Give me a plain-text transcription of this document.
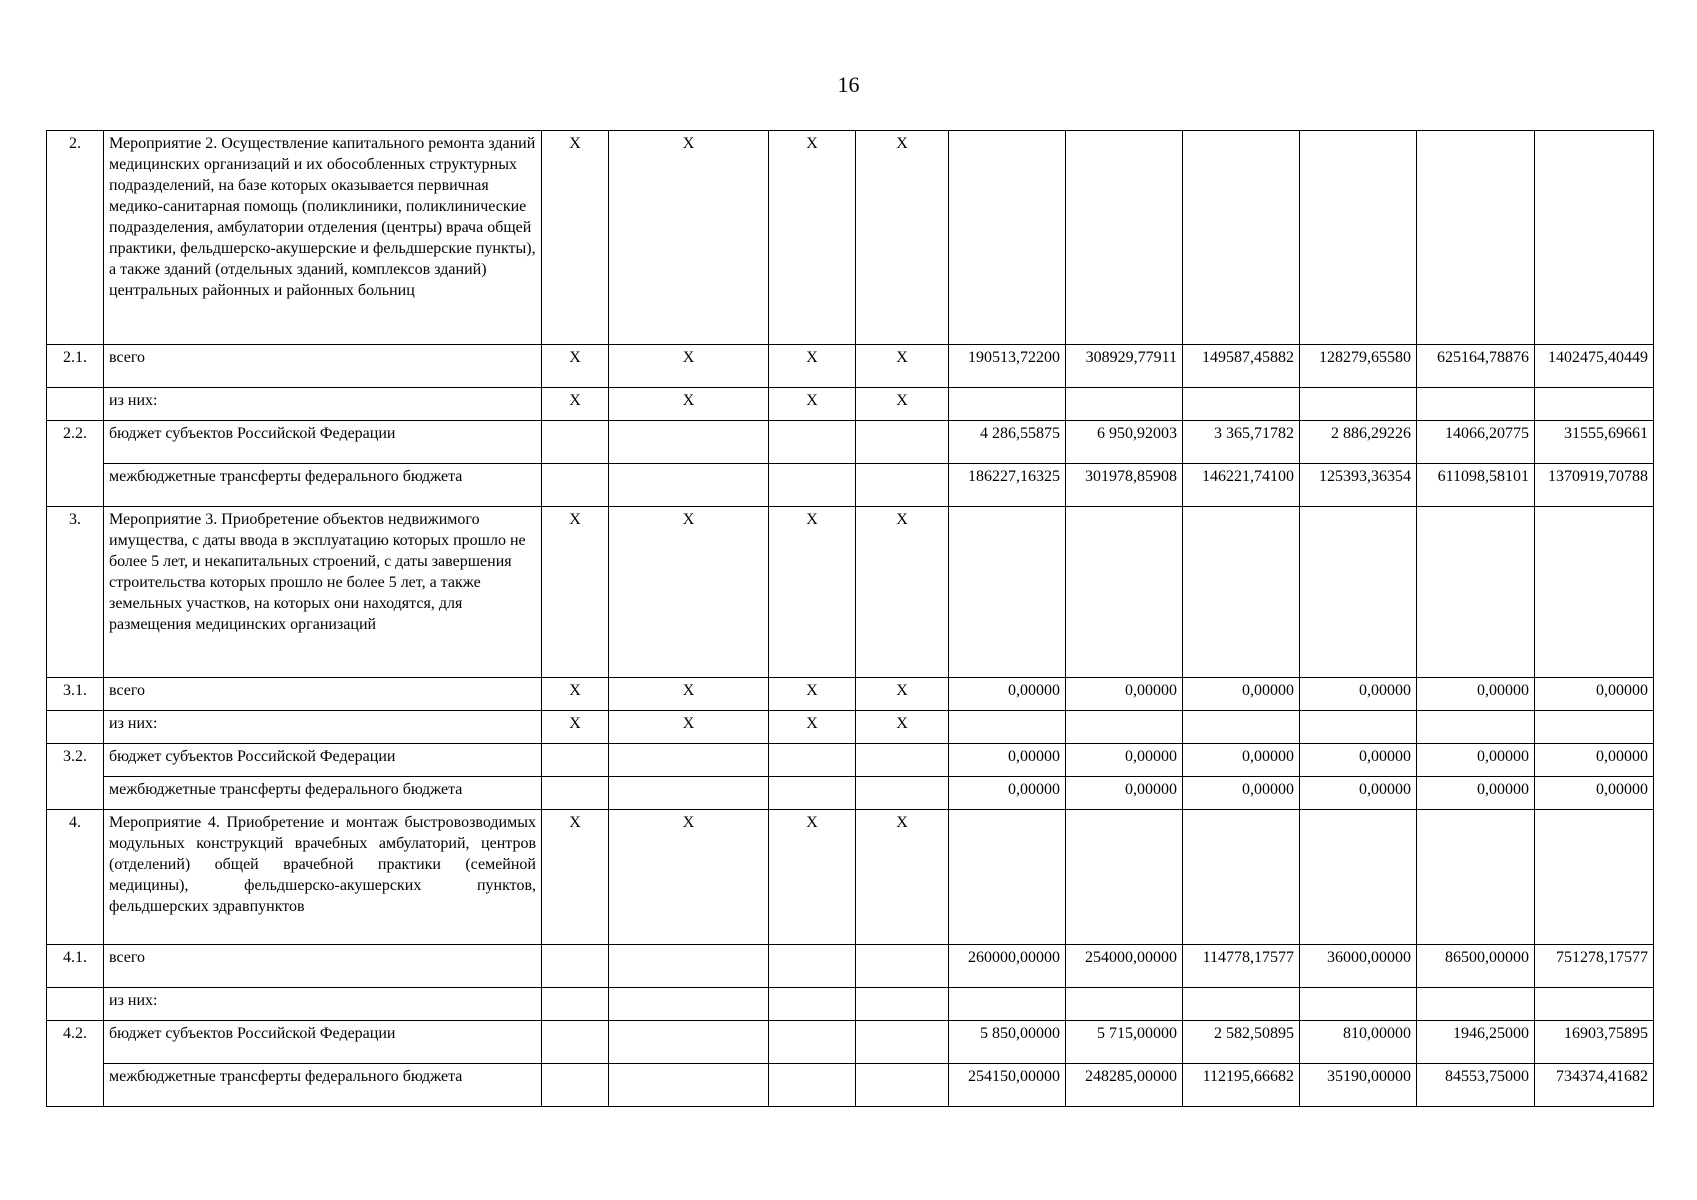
16
2.	Мероприятие 2. Осуществление капитального ремонта зданий медицинских организаций и их обособленных структурных подразделений, на базе которых оказывается первичная медико-санитарная помощь (поликлиники, поликлинические подразделения, амбулатории отделения (центры) врача общей практики, фельдшерско-акушерские и фельдшерские пункты), а также зданий (отдельных зданий, комплексов зданий) центральных районных и районных больниц	X	X	X	X						
2.1.	всего	X	X	X	X	190513,72200	308929,77911	149587,45882	128279,65580	625164,78876	1402475,40449
	из них:	X	X	X	X						
2.2.	бюджет субъектов Российской Федерации					4 286,55875	6 950,92003	3 365,71782	2 886,29226	14066,20775	31555,69661
	межбюджетные трансферты федерального бюджета					186227,16325	301978,85908	146221,74100	125393,36354	611098,58101	1370919,70788
3.	Мероприятие 3. Приобретение объектов недвижимого имущества, с даты ввода в эксплуатацию которых прошло не более 5 лет, и некапитальных строений, с даты завершения строительства которых прошло не более 5 лет, а также земельных участков, на которых они находятся, для размещения медицинских организаций	X	X	X	X						
3.1.	всего	X	X	X	X	0,00000	0,00000	0,00000	0,00000	0,00000	0,00000
	из них:	X	X	X	X						
3.2.	бюджет субъектов Российской Федерации					0,00000	0,00000	0,00000	0,00000	0,00000	0,00000
	межбюджетные трансферты федерального бюджета					0,00000	0,00000	0,00000	0,00000	0,00000	0,00000
4.	Мероприятие 4. Приобретение и монтаж быстровозводимых модульных конструкций врачебных амбулаторий, центров (отделений) общей врачебной практики (семейной медицины), фельдшерско-акушерских пунктов, фельдшерских здравпунктов	X	X	X	X						
4.1.	всего					260000,00000	254000,00000	114778,17577	36000,00000	86500,00000	751278,17577
	из них:										
4.2.	бюджет субъектов Российской Федерации					5 850,00000	5 715,00000	2 582,50895	810,00000	1946,25000	16903,75895
	межбюджетные трансферты федерального бюджета					254150,00000	248285,00000	112195,66682	35190,00000	84553,75000	734374,41682
